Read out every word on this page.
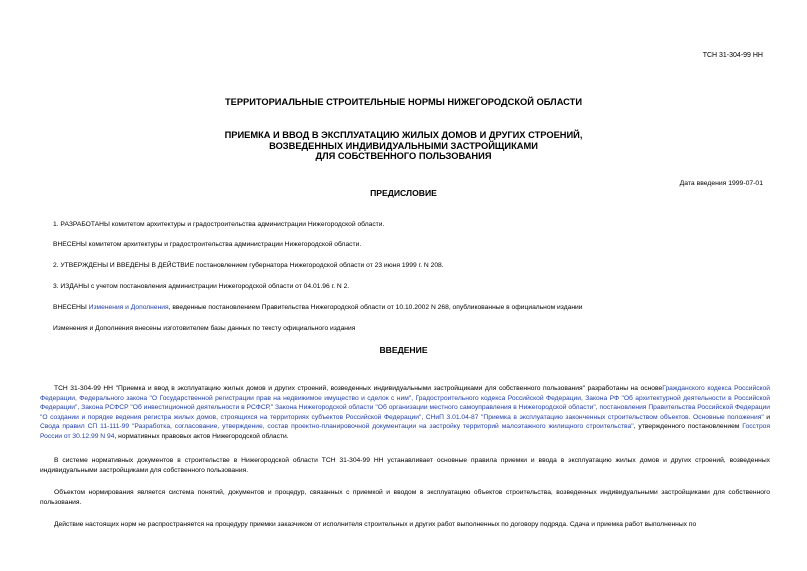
ТСН 31-304-99 НН
ТЕРРИТОРИАЛЬНЫЕ СТРОИТЕЛЬНЫЕ НОРМЫ НИЖЕГОРОДСКОЙ ОБЛАСТИ
ПРИЕМКА И ВВОД В ЭКСПЛУАТАЦИЮ ЖИЛЫХ ДОМОВ И ДРУГИХ СТРОЕНИЙ,
ВОЗВЕДЕННЫХ ИНДИВИДУАЛЬНЫМИ ЗАСТРОЙЩИКАМИ
ДЛЯ СОБСТВЕННОГО ПОЛЬЗОВАНИЯ
Дата введения 1999-07-01
ПРЕДИСЛОВИЕ
1. РАЗРАБОТАНЫ комитетом архитектуры и градостроительства администрации Нижегородской области.
ВНЕСЕНЫ комитетом архитектуры и градостроительства администрации Нижегородской области.
2. УТВЕРЖДЕНЫ И ВВЕДЕНЫ В ДЕЙСТВИЕ постановлением губернатора Нижегородской области от 23 июня 1999 г. N 208.
3. ИЗДАНЫ с учетом постановления администрации Нижегородской области от 04.01.96 г. N 2.
ВНЕСЕНЫ Изменения и Дополнения, введенные постановлением Правительства Нижегородской области от 10.10.2002 N 268, опубликованные в официальном издании
Изменения и Дополнения внесены изготовителем базы данных по тексту официального издания
ВВЕДЕНИЕ
ТСН 31-304-99 НН "Приемка и ввод в эксплуатацию жилых домов и других строений, возведенных индивидуальными застройщиками для собственного пользования" разработаны на основеГражданского кодекса Российской Федерации, Федерального закона "О Государственной регистрации прав на недвижимое имущество и сделок с ним", Градостроительного кодекса Российской Федерации, Закона РФ "Об архитектурной деятельности в Российской Федерации", Закона РСФСР "Об инвестиционной деятельности в РСФСР," Закона Нижегородской области "Об организации местного самоуправления в Нижегородской области", постановления Правительства Российской Федерации "О создании и порядке ведения регистра жилых домов, строящихся на территориях субъектов Российской Федерации", СНиП 3.01.04-87 "Приемка в эксплуатацию законченных строительством объектов. Основные положения" и Свода правил СП 11-111-99 "Разработка, согласование, утверждение, состав проектно-планировочной документации на застройку территорий малоэтажного жилищного строительства", утвержденного постановлением Госстроя России от 30.12.99 N 94, нормативных правовых актов Нижегородской области.
В системе нормативных документов в строительстве в Нижегородской области ТСН 31-304-99 НН устанавливает основные правила приемки и ввода в эксплуатацию жилых домов и других строений, возведенных индивидуальными застройщиками для собственного пользования.
Объектом нормирования является система понятий, документов и процедур, связанных с приемкой и вводом в эксплуатацию объектов строительства, возведенных индивидуальными застройщиками для собственного пользования.
Действие настоящих норм не распространяется на процедуру приемки заказчиком от исполнителя строительных и других работ выполненных по договору подряда. Сдача и приемка работ выполненных по
